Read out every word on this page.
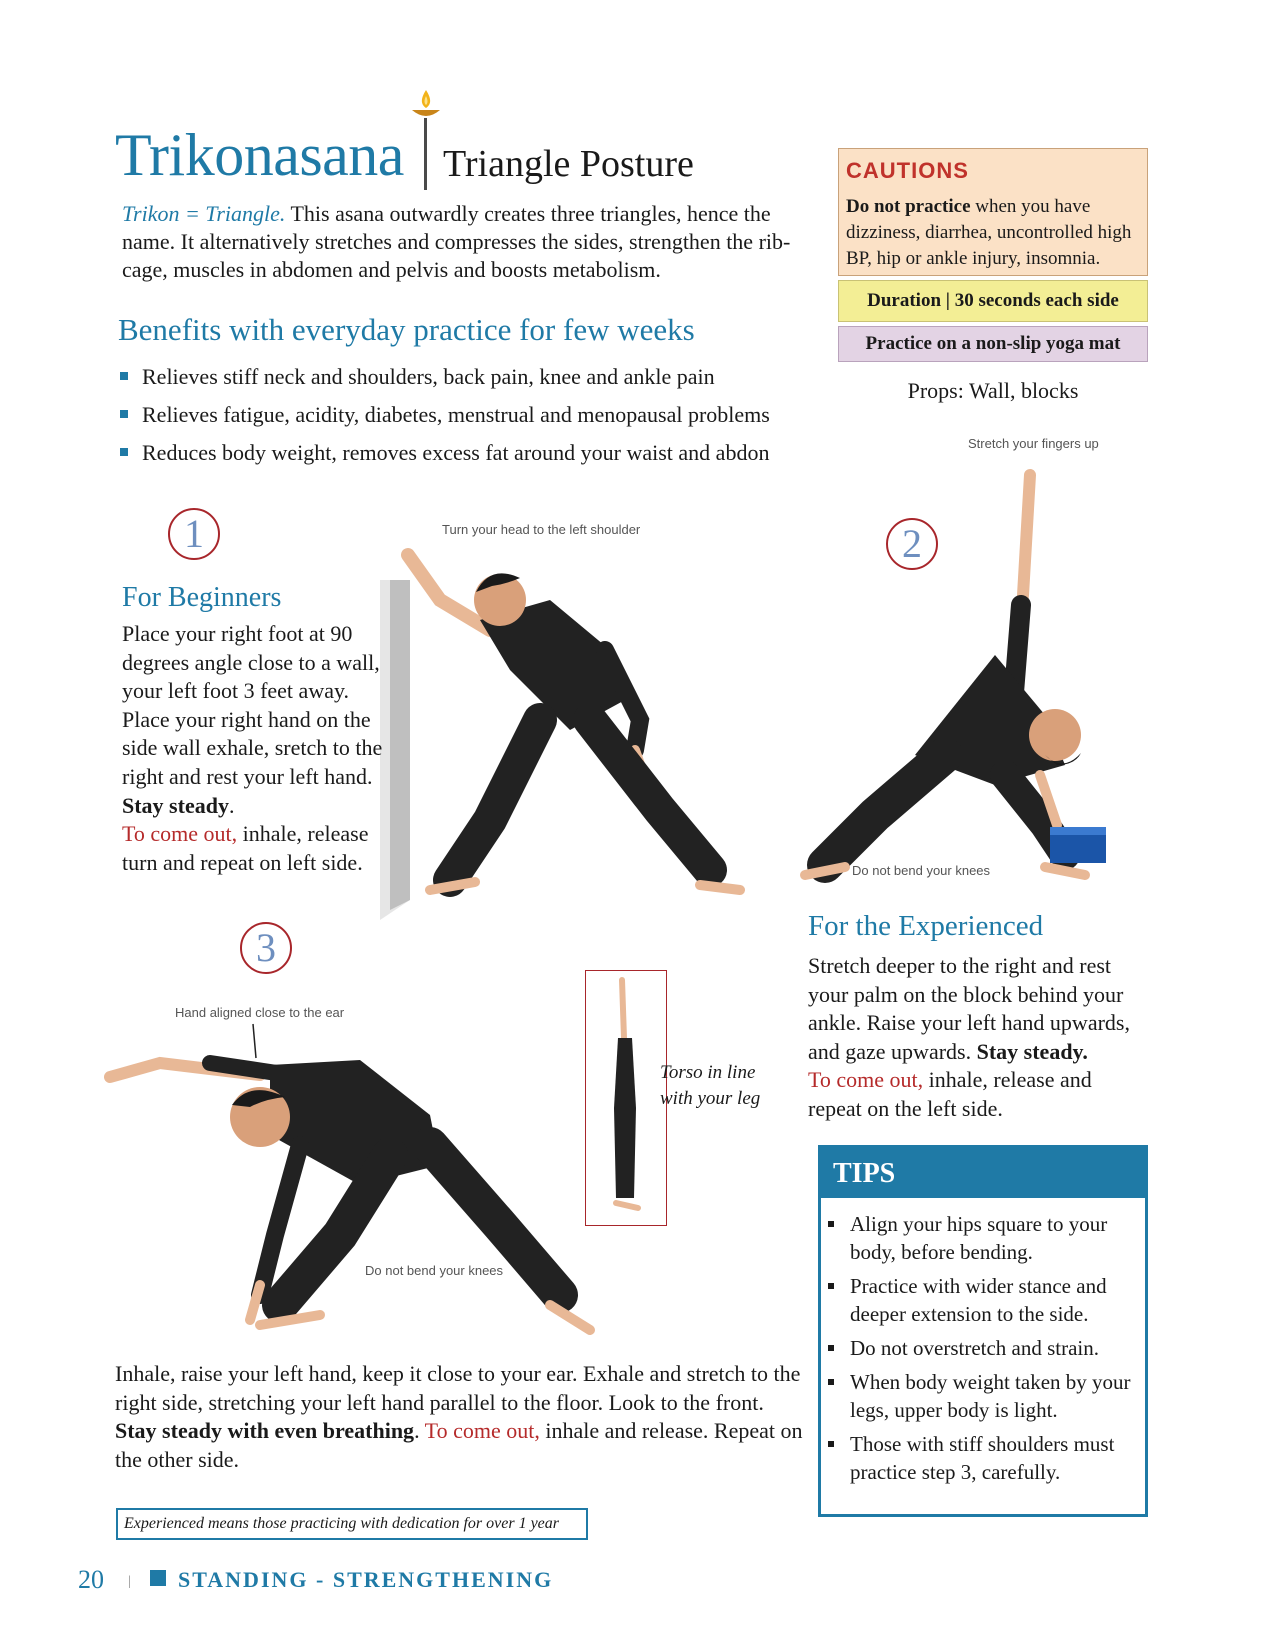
Trikonasana Triangle Posture
Trikon = Triangle. This asana outwardly creates three triangles, hence the name. It alternatively stretches and compresses the sides, strengthen the rib-cage, muscles in abdomen and pelvis and boosts metabolism.
Benefits with everyday practice for few weeks
Relieves stiff neck and shoulders, back pain, knee and ankle pain
Relieves fatigue, acidity, diabetes, menstrual and menopausal problems
Reduces body weight, removes excess fat around your waist and abdon
CAUTIONS
Do not practice when you have dizziness, diarrhea, uncontrolled high BP, hip or ankle injury, insomnia.
Duration | 30 seconds each side
Practice on a non-slip yoga mat
Props: Wall, blocks
1	2
3
Turn your head to the left shoulder
Stretch your fingers up
Do not bend your knees
For Beginners
Place your right foot at 90 degrees angle close to a wall, your left foot 3 feet away. Place your right hand on the side wall exhale, sretch to the right and rest your left hand. Stay steady.
To come out, inhale, release turn and repeat on left side.
For the Experienced
Stretch deeper to the right and rest your palm on the block behind your ankle. Raise your left hand upwards, and gaze upwards. Stay steady.
To come out, inhale, release and repeat on the left side.
Hand aligned close to the ear
Do not bend your knees
Torso in line
with your leg
Inhale, raise your left hand, keep it close to your ear. Exhale and stretch to the right side, stretching your left hand parallel to the floor. Look to the front. Stay steady with even breathing. To come out, inhale and release. Repeat on the other side.
Experienced means those practicing with dedication for over 1 year
TIPS
Align your hips square to your body, before bending.
Practice with wider stance and deeper extension to the side.
Do not overstretch and strain.
When body weight taken by your legs, upper body is light.
Those with stiff shoulders must practice step 3, carefully.
20 | STANDING - STRENGTHENING
